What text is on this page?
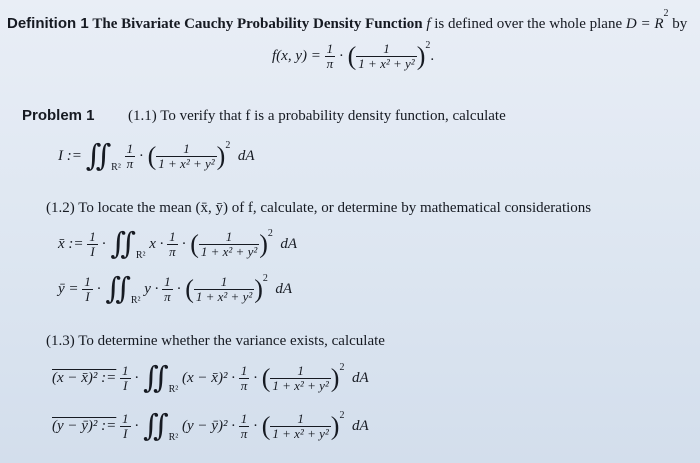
Definition 1 The Bivariate Cauchy Probability Density Function f is defined over the whole plane $D = R^2$ by
f(x, $y) = \frac{1}{\pi}$ · ( $\frac{1}{\text{1 + x² + y²}} )^2$.
Problem 1 (1.1) To verify that f is a probability density function, calculate
I := $∬_{R^2} \frac{1}{\pi}$ · ( $\frac{1}{\text{1 + x² + y²}} )^2$  dA
(1.2) To locate the mean (x̄, ȳ) of f, calculate, or determine by mathematical considerations
x̄ := $\frac{1}{I}$ · $∬_{R^2}$ $x \cdot \frac{1}{\pi}$ · ( $\frac{1}{\text{1 + x² + y²}} )^2$  dA
ȳ = $\frac{1}{I}$ · $∬_{R^2}$ $y \cdot \frac{1}{\pi}$ · ( $\frac{1}{\text{1 + x² + y²}} )^2$  dA
(1.3) To determine whether the variance exists, calculate
(x − x̄)² := $\frac{1}{I}$ · $∬_{R^2}$ (x − x̄)² · $\frac{1}{\pi}$ · ( $\frac{1}{\text{1 + x² + y²}} )^2$  dA
(y − ȳ)² := $\frac{1}{I}$ · $∬_{R^2}$ (y − ȳ)² · $\frac{1}{\pi}$ · ( $\frac{1}{\text{1 + x² + y²}} )^2$  dA
